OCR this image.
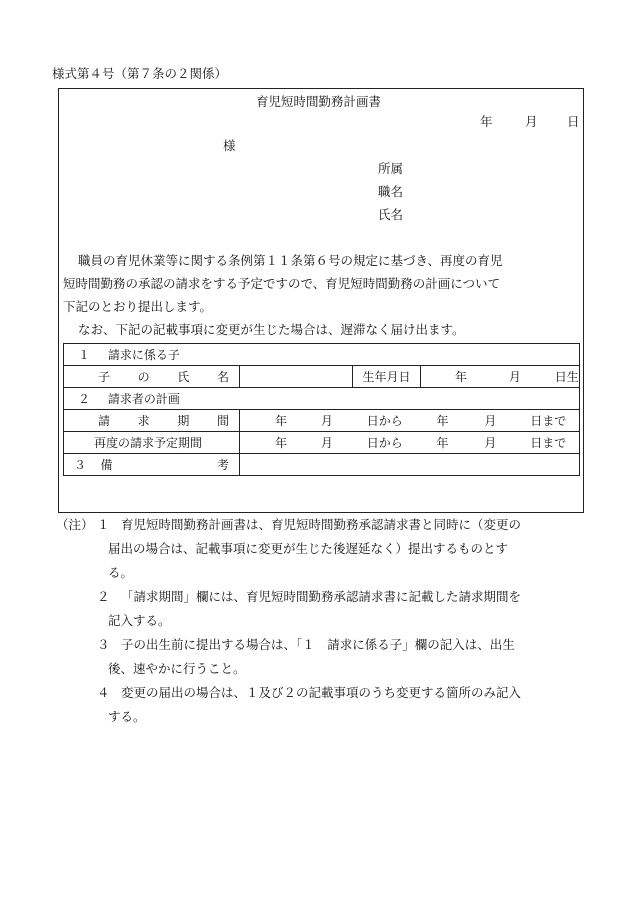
様式第４号（第７条の２関係）
育児短時間勤務計画書
年	月 日
様
所属
職名
氏名
職員の育児休業等に関する条例第１１条第６号の規定に基づき、再度の育児
短時間勤務の承認の請求をする予定ですので、育児短時間勤務の計画について
下記のとおり提出します。
なお、下記の記載事項に変更が生じた場合は、遅滞なく届け出ます。
１ 請求に係る子			

子 の 氏 名		生年月日	年 月 日生
２ 請求者の計画			

請 求 期 間	年 月 日から 年 月 日まで		
再度の請求予定期間	年 月 日から 年 月 日まで		

３ 備 考			

（注） １ 育児短時間勤務計画書は、育児短時間勤務承認請求書と同時に（変更の
届出の場合は、記載事項に変更が生じた後遅延なく）提出するものとす
る。
２ 「請求期間」欄には、育児短時間勤務承認請求書に記載した請求期間を
記入する。
３ 子の出生前に提出する場合は、「１　請求に係る子」欄の記入は、出生
後、速やかに行うこと。
４ 変更の届出の場合は、１及び２の記載事項のうち変更する箇所のみ記入
する。
